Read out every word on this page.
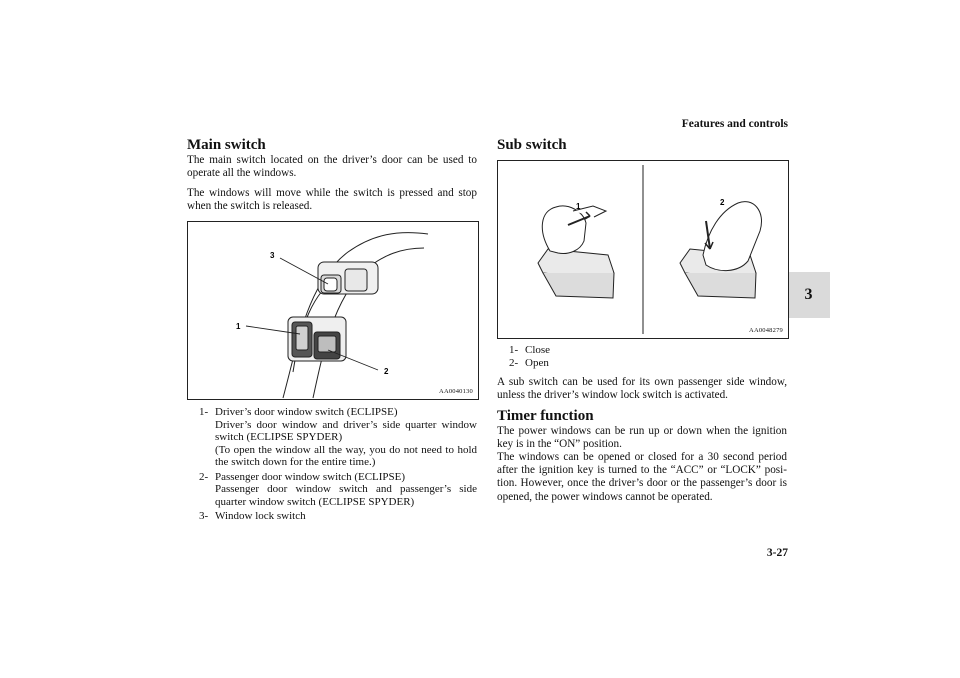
Features and controls
3
Main switch
The main switch located on the driver’s door can be used to operate all the windows.
The windows will move while the switch is pressed and stop when the switch is released.
3
1
2
AA0040130
1- Driver’s door window switch (ECLIPSE)
Driver’s door window and driver’s side quarter window switch (ECLIPSE SPYDER)
(To open the window all the way, you do not need to hold the switch down for the entire time.)
2- Passenger door window switch (ECLIPSE)
Passenger door window switch and passenger’s side quarter window switch (ECLIPSE SPYDER)
3- Window lock switch
Sub switch
1	2
AA0048279
1- Close
2- Open
A sub switch can be used for its own passenger side window, unless the driver’s window lock switch is activated.
Timer function
The power windows can be run up or down when the ignition key is in the “ON” position.
The windows can be opened or closed for a 30 second period after the ignition key is turned to the “ACC” or “LOCK” posi-tion. However, once the driver’s door or the passenger’s door is opened, the power windows cannot be operated.
3-27
